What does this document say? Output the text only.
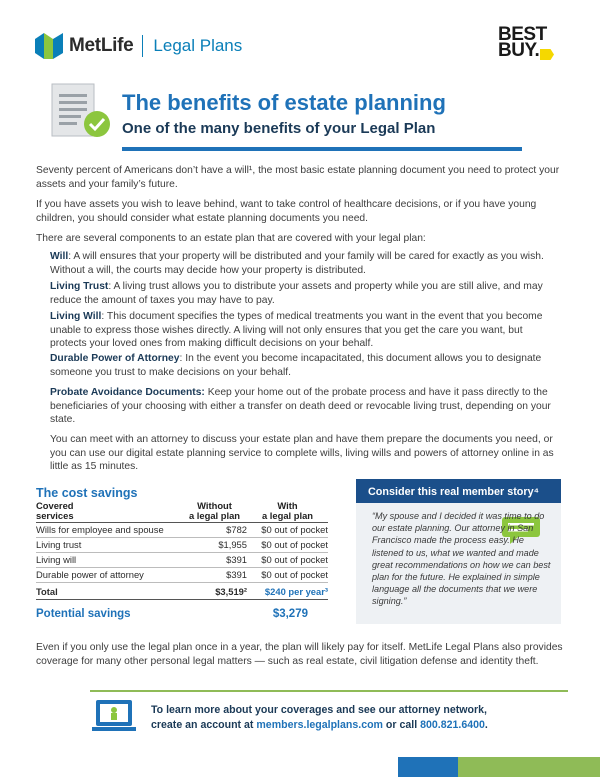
MetLife Legal Plans
BEST
BUY.
The benefits of estate planning
One of the many benefits of your Legal Plan

Seventy percent of Americans don’t have a will¹, the most basic estate planning document you need to protect your assets and your family’s future.

If you have assets you wish to leave behind, want to take control of healthcare decisions, or if you have young children, you should consider what estate planning documents you need.

There are several components to an estate plan that are covered with your legal plan:

Will: A will ensures that your property will be distributed and your family will be cared for exactly as you wish. Without a will, the courts may decide how your property is distributed.

Living Trust: A living trust allows you to distribute your assets and property while you are still alive, and may reduce the amount of taxes you may have to pay.

Living Will: This document specifies the types of medical treatments you want in the event that you become unable to express those wishes directly. A living will not only ensures that you get the care you want, but protects your loved ones from making difficult decisions on your behalf.

Durable Power of Attorney: In the event you become incapacitated, this document allows you to designate someone you trust to make decisions on your behalf.

Probate Avoidance Documents: Keep your home out of the probate process and have it pass directly to the beneficiaries of your choosing with either a transfer on death deed or revocable living trust, depending on your state.

You can meet with an attorney to discuss your estate plan and have them prepare the documents you need, or you can use our digital estate planning service to complete wills, living wills and powers of attorney online in as little as 15 minutes.

The cost savings
Covered
services
Without
a legal plan
With
a legal plan
Wills for employee and spouse	$782	$0 out of pocket
Living trust	$1,955	$0 out of pocket
Living will	$391	$0 out of pocket
Durable power of attorney	$391	$0 out of pocket
Total	$3,519²	$240 per year³
Potential savings	$3,279
Consider this real member story⁴

“My spouse and I decided it was time to do our estate planning. Our attorney in San Francisco made the process easy. He listened to us, what we wanted and made great recommendations on how we can best plan for the future. He explained in simple language all the documents that we were signing.”

Even if you only use the legal plan once in a year, the plan will likely pay for itself. MetLife Legal Plans also provides coverage for many other personal legal matters — such as real estate, civil litigation defense and identity theft.

To learn more about your coverages and see our attorney network,
create an account at members.legalplans.com or call 800.821.6400.
